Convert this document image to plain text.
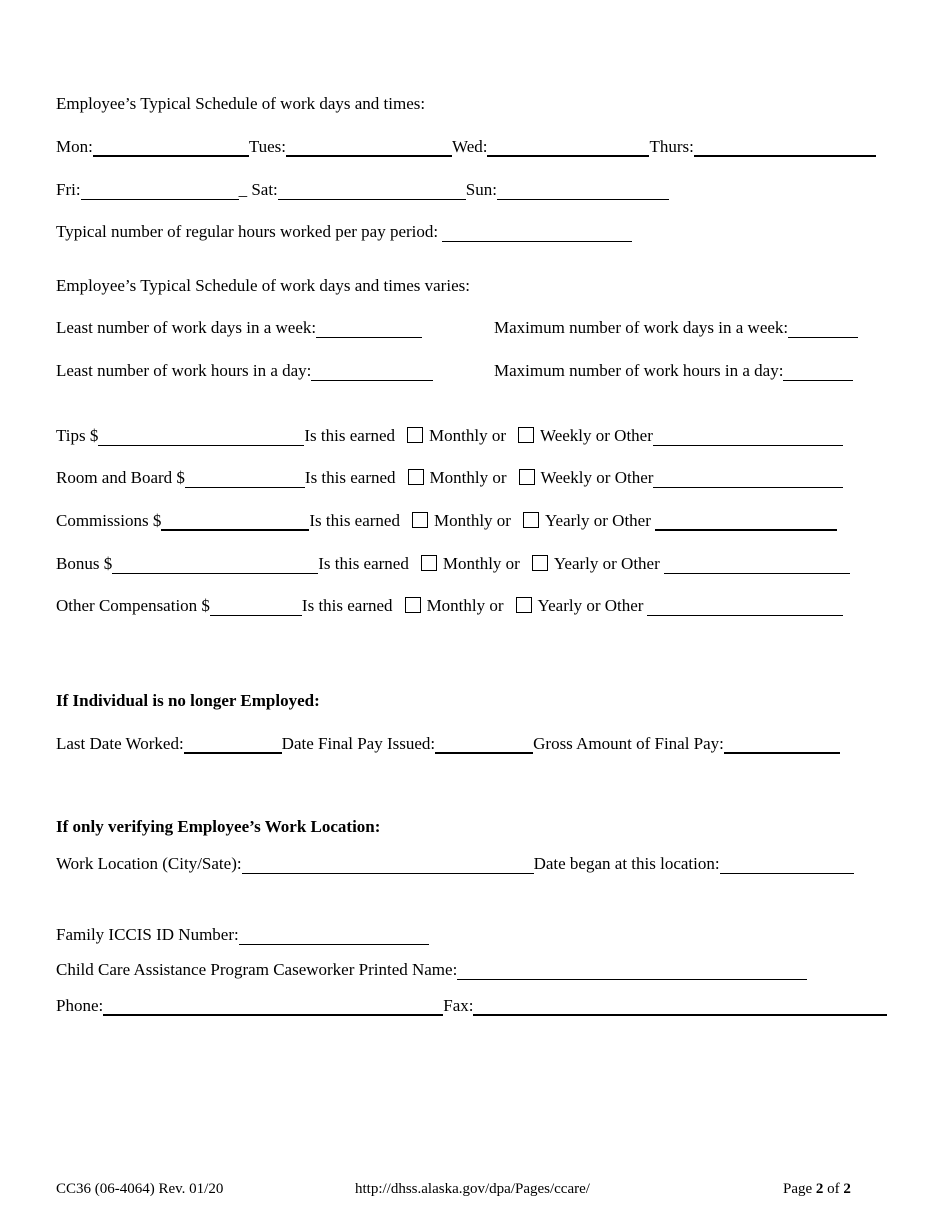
Employee’s Typical Schedule of work days and times:
Mon:	Tues:	Wed:	Thurs:
Fri:	_ Sat:	Sun:
Typical number of regular hours worked per pay period:
Employee’s Typical Schedule of work days and times varies:
Least number of work days in a week:	Maximum number of work days in a week:
Least number of work hours in a day:	Maximum number of work hours in a day:
Tips $	Is this earned Monthly or Weekly or Other
Room and Board $	Is this earned Monthly or Weekly or Other
Commissions $	Is this earned Monthly or Yearly or Other
Bonus $	Is this earned Monthly or Yearly or Other
Other Compensation $	Is this earned Monthly or Yearly or Other
If Individual is no longer Employed:
Last Date Worked:	Date Final Pay Issued:	Gross Amount of Final Pay:
If only verifying Employee’s Work Location:
Work Location (City/Sate):	Date began at this location:
Family ICCIS ID Number:
Child Care Assistance Program Caseworker Printed Name:
Phone:	Fax:
CC36 (06-4064) Rev. 01/20	http://dhss.alaska.gov/dpa/Pages/ccare/	Page 2 of 2
